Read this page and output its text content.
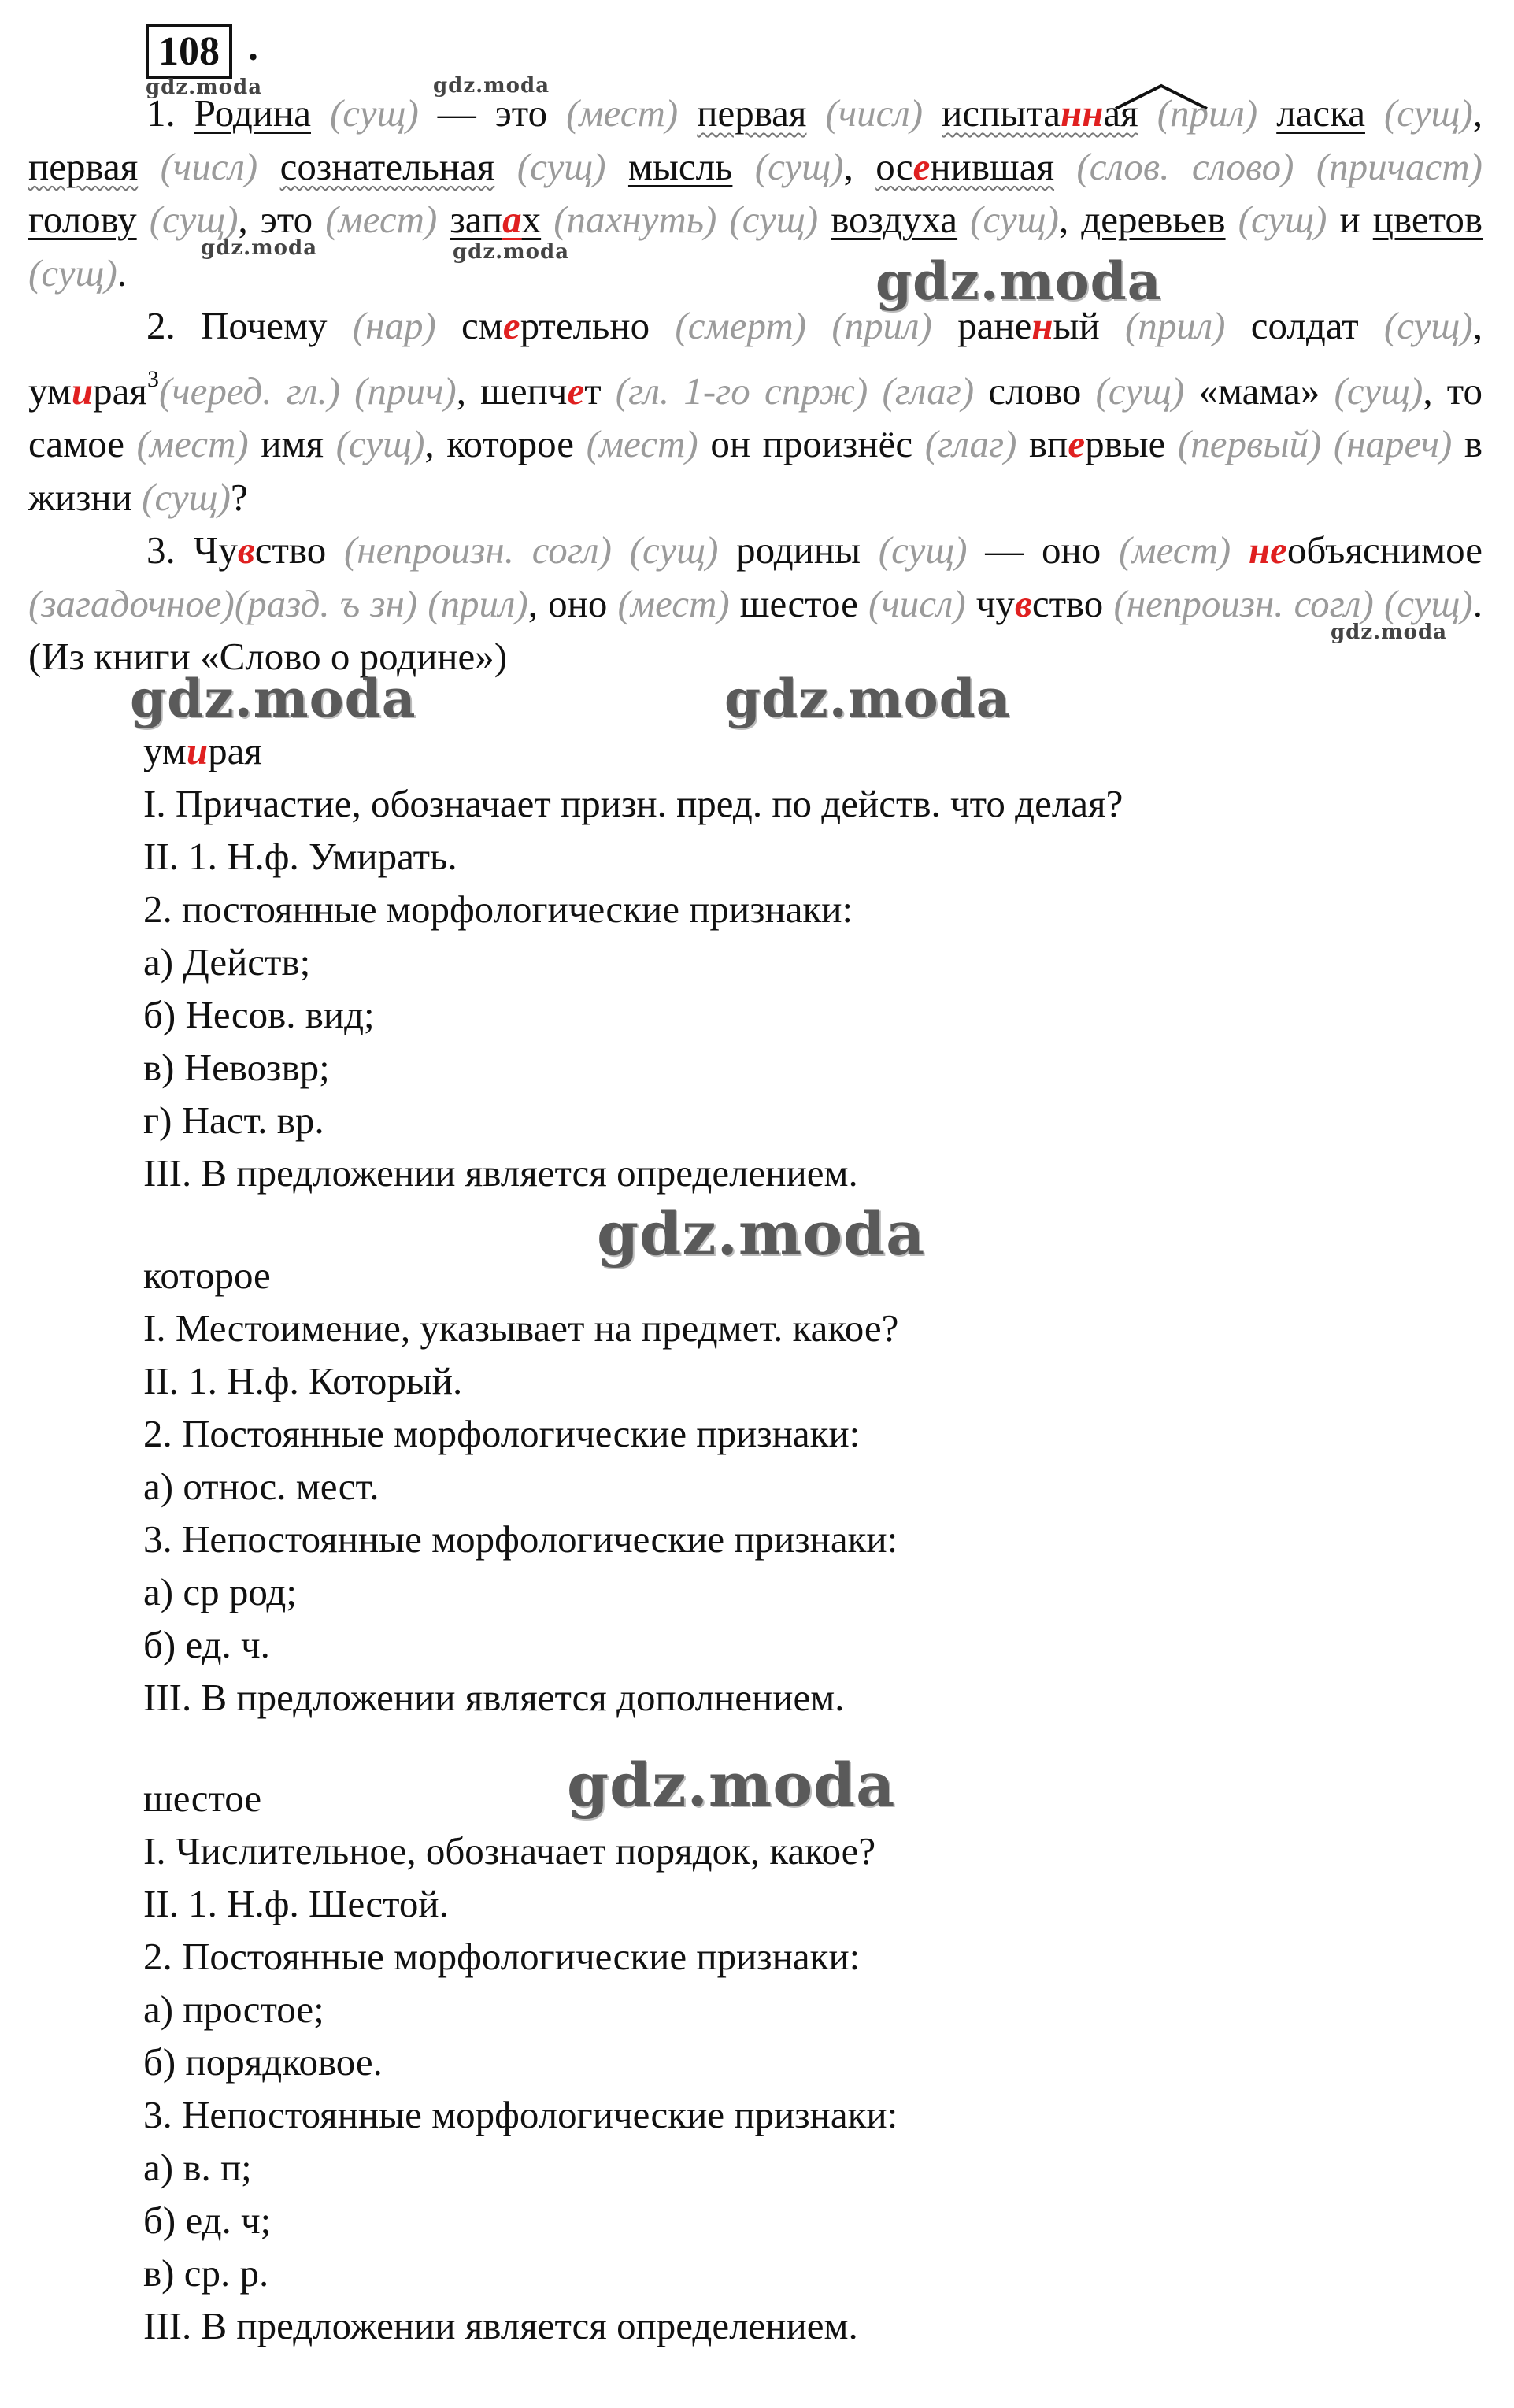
108 .

1. Родина (сущ) — это (мест) первая (числ) испытанная (прил) ласка (сущ), первая (числ) сознательная (сущ) мысль (сущ), осенившая (слов. слово) (причаст) голову (сущ), это (мест) запах (пахнуть) (сущ) воздуха (сущ), деревьев (сущ) и цветов (сущ).

2. Почему (нар) смертельно (смерт) (прил) раненый (прил) солдат (сущ), умирая$^3$(черед. гл.) (прич), шепчет (гл. 1-го спрж) (глаг) слово (сущ) «мама» (сущ), то самое (мест) имя (сущ), которое (мест) он произнёс (глаг) впервые (первый) (нареч) в жизни (сущ)?

3. Чувство (непроизн. согл) (сущ) родины (сущ) — оно (мест) необъяснимое (загадочное)(разд. ъ зн) (прил), оно (мест) шестое (числ) чувство (непроизн. согл) (сущ). (Из книги «Слово о родине»)

умирая
I. Причастие, обозначает призн. пред. по действ. что делая?
II. 1. Н.ф. Умирать.
2. постоянные морфологические признаки:
а) Действ;
б) Несов. вид;
в) Невозвр;
г) Наст. вр.
III. В предложении является определением.
которое
I. Местоимение, указывает на предмет. какое?
II. 1. Н.ф. Который.
2. Постоянные морфологические признаки:
а) относ. мест.
3. Непостоянные морфологические признаки:
а) ср род;
б) ед. ч.
III. В предложении является дополнением.
шестое
I. Числительное, обозначает порядок, какое?
II. 1. Н.ф. Шестой.
2. Постоянные морфологические признаки:
а) простое;
б) порядковое.
3. Непостоянные морфологические признаки:
а) в. п;
б) ед. ч;
в) ср. р.
III. В предложении является определением.
gdz.moda	gdz.moda
gdz.moda	gdz.moda
gdz.moda
gdz.moda
gdz.moda	gdz.moda
gdz.moda
gdz.moda
